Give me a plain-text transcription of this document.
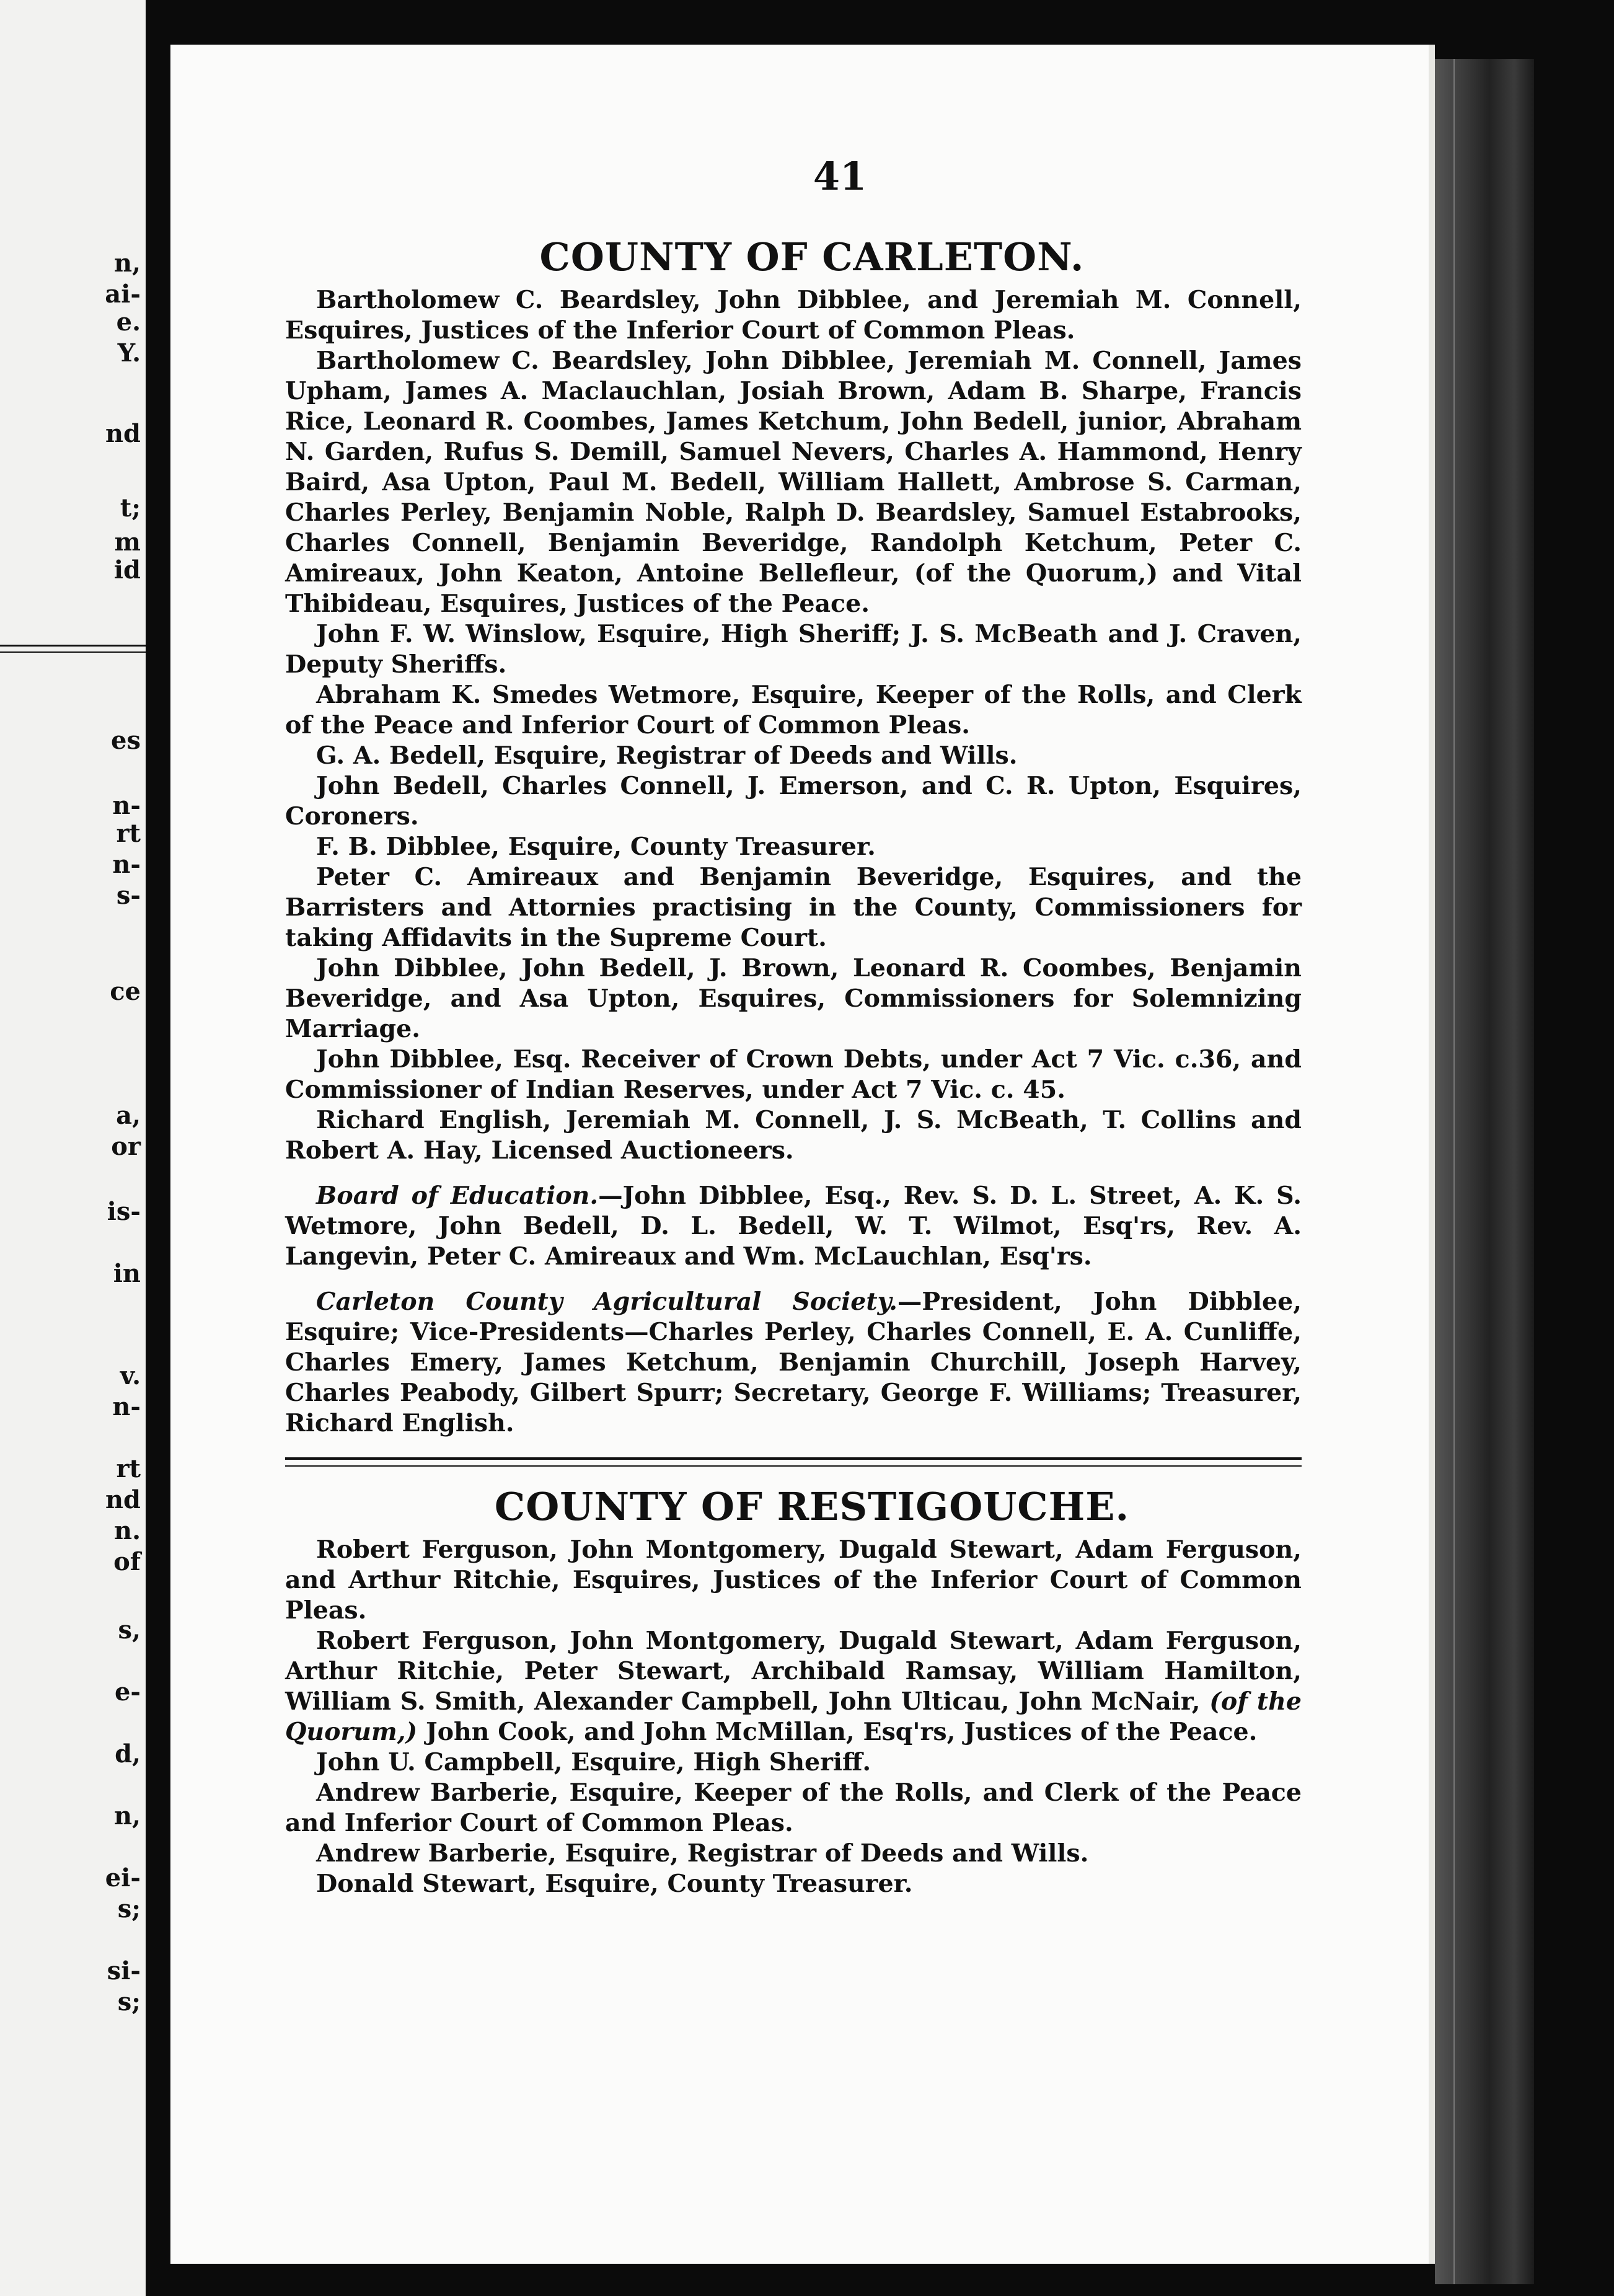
n,
ai-
e.
Y.
nd
t;
m
id
es
n-
rt
n-
s-
ce
a,
or
is-
in
v.
n-
rt
nd
n.
of
s,
e-
d,
n,
ei-
s;
si-
s;
41
COUNTY OF CARLETON.

Bartholomew C. Beardsley, John Dibblee, and Jeremiah M. Connell, Esquires, Justices of the Inferior Court of Common Pleas.

Bartholomew C. Beardsley, John Dibblee, Jeremiah M. Connell, James Upham, James A. Maclauchlan, Josiah Brown, Adam B. Sharpe, Francis Rice, Leonard R. Coombes, James Ketchum, John Bedell, junior, Abraham N. Garden, Rufus S. Demill, Samuel Nevers, Charles A. Hammond, Henry Baird, Asa Upton, Paul M. Bedell, William Hallett, Ambrose S. Carman, Charles Perley, Benjamin Noble, Ralph D. Beardsley, Samuel Estabrooks, Charles Connell, Benjamin Beveridge, Randolph Ketchum, Peter C. Amireaux, John Keaton, Antoine Bellefleur, (of the Quorum,) and Vital Thibideau, Esquires, Justices of the Peace.

John F. W. Winslow, Esquire, High Sheriff; J. S. McBeath and J. Craven, Deputy Sheriffs.

Abraham K. Smedes Wetmore, Esquire, Keeper of the Rolls, and Clerk of the Peace and Inferior Court of Common Pleas.

G. A. Bedell, Esquire, Registrar of Deeds and Wills.

John Bedell, Charles Connell, J. Emerson, and C. R. Upton, Esquires, Coroners.

F. B. Dibblee, Esquire, County Treasurer.

Peter C. Amireaux and Benjamin Beveridge, Esquires, and the Barristers and Attornies practising in the County, Commissioners for taking Affidavits in the Supreme Court.

John Dibblee, John Bedell, J. Brown, Leonard R. Coombes, Benjamin Beveridge, and Asa Upton, Esquires, Commissioners for Solemnizing Marriage.

John Dibblee, Esq. Receiver of Crown Debts, under Act 7 Vic. c.36, and Commissioner of Indian Reserves, under Act 7 Vic. c. 45.

Richard English, Jeremiah M. Connell, J. S. McBeath, T. Collins and Robert A. Hay, Licensed Auctioneers.

Board of Education.—John Dibblee, Esq., Rev. S. D. L. Street, A. K. S. Wetmore, John Bedell, D. L. Bedell, W. T. Wilmot, Esq'rs, Rev. A. Langevin, Peter C. Amireaux and Wm. McLauchlan, Esq'rs.

Carleton County Agricultural Society.—President, John Dibblee, Esquire; Vice-Presidents—Charles Perley, Charles Connell, E. A. Cunliffe, Charles Emery, James Ketchum, Benjamin Churchill, Joseph Harvey, Charles Peabody, Gilbert Spurr; Secretary, George F. Williams; Treasurer, Richard English.

COUNTY OF RESTIGOUCHE.

Robert Ferguson, John Montgomery, Dugald Stewart, Adam Ferguson, and Arthur Ritchie, Esquires, Justices of the Inferior Court of Common Pleas.

Robert Ferguson, John Montgomery, Dugald Stewart, Adam Ferguson, Arthur Ritchie, Peter Stewart, Archibald Ramsay, William Hamilton, William S. Smith, Alexander Campbell, John Ulticau, John McNair, (of the Quorum,) John Cook, and John McMillan, Esq'rs, Justices of the Peace.

John U. Campbell, Esquire, High Sheriff.

Andrew Barberie, Esquire, Keeper of the Rolls, and Clerk of the Peace and Inferior Court of Common Pleas.

Andrew Barberie, Esquire, Registrar of Deeds and Wills.

Donald Stewart, Esquire, County Treasurer.
